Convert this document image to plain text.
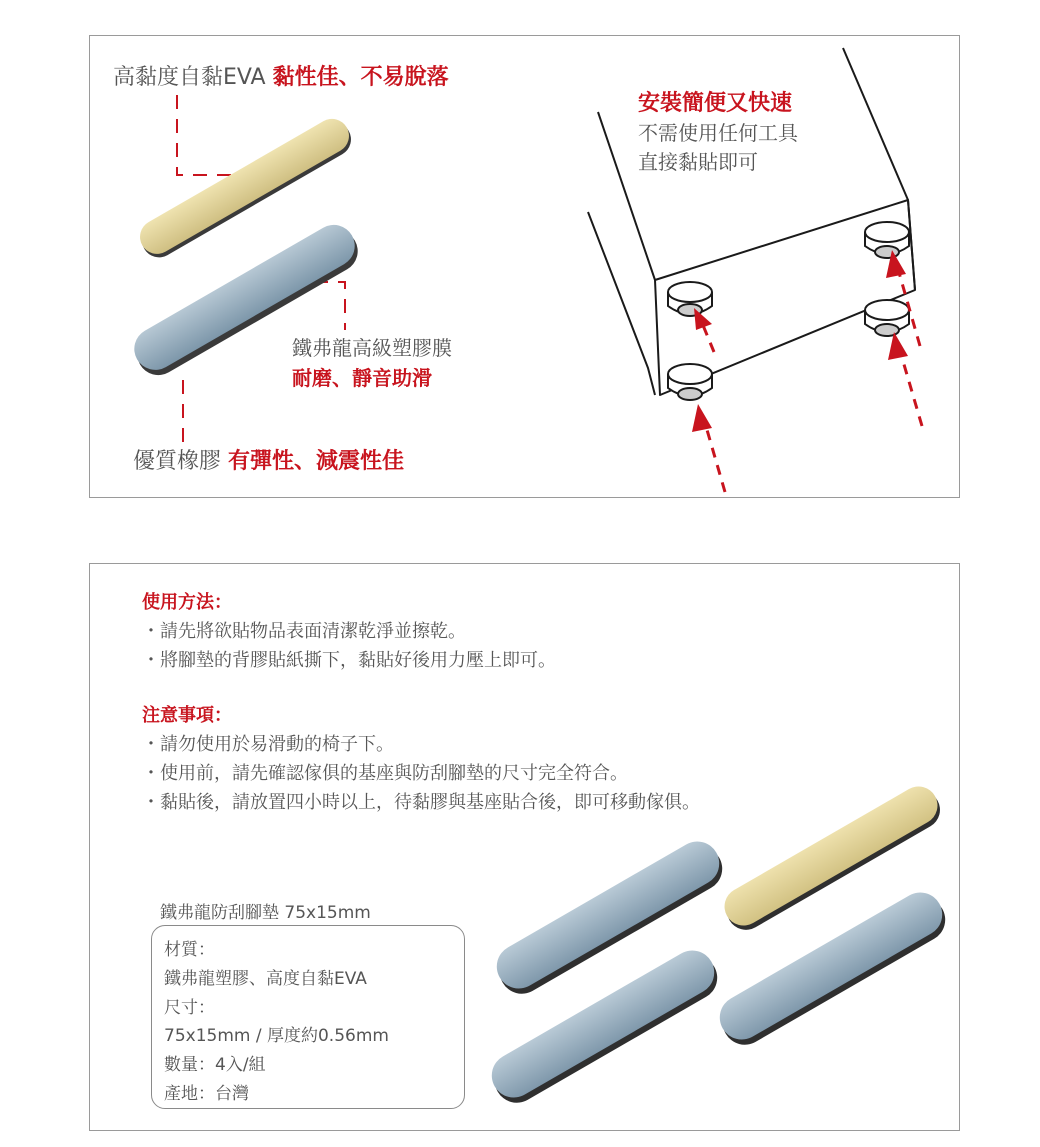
高黏度自黏EVA 黏性佳、不易脫落
鐵弗龍高級塑膠膜
耐磨、靜音助滑
優質橡膠 有彈性、減震性佳
安裝簡便又快速
不需使用任何工具
直接黏貼即可
使用方法：
・請先將欲貼物品表面清潔乾淨並擦乾。
・將腳墊的背膠貼紙撕下，黏貼好後用力壓上即可。
注意事項：
・請勿使用於易滑動的椅子下。
・使用前，請先確認傢俱的基座與防刮腳墊的尺寸完全符合。
・黏貼後，請放置四小時以上，待黏膠與基座貼合後，即可移動傢俱。
鐵弗龍防刮腳墊 75x15mm
材質：
鐵弗龍塑膠、高度自黏EVA
尺寸：
75x15mm / 厚度約0.56mm
數量：4入/組
產地：台灣
